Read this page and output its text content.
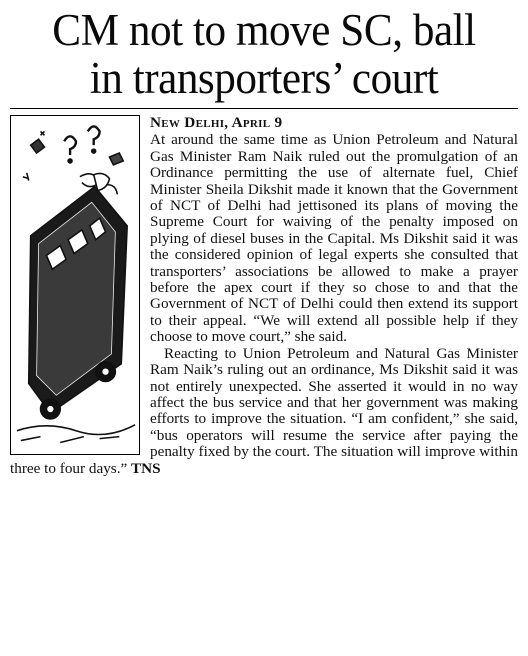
CM not to move SC, ball
in transporters’ court
New Delhi, April 9

At around the same time as Union Petroleum and Natural Gas Minister Ram Naik ruled out the promulgation of an Ordinance permitting the use of alternate fuel, Chief Minister Sheila Dikshit made it known that the Government of NCT of Delhi had jettisoned its plans of moving the Supreme Court for waiving of the penalty imposed on plying of diesel buses in the Capital. Ms Dikshit said it was the considered opinion of legal experts she consulted that transporters’ associations be allowed to make a prayer before the apex court if they so chose to and that the Government of NCT of Delhi could then extend its support to their appeal. “We will extend all possible help if they choose to move court,” she said.

Reacting to Union Petroleum and Natural Gas Minister Ram Naik’s ruling out an ordinance, Ms Dikshit said it was not entirely unexpected. She asserted it would in no way affect the bus service and that her government was making efforts to improve the situation. “I am confident,” she said, “bus operators will resume the service after paying the penalty fixed by the court. The situation will improve within three to four days.” TNS
